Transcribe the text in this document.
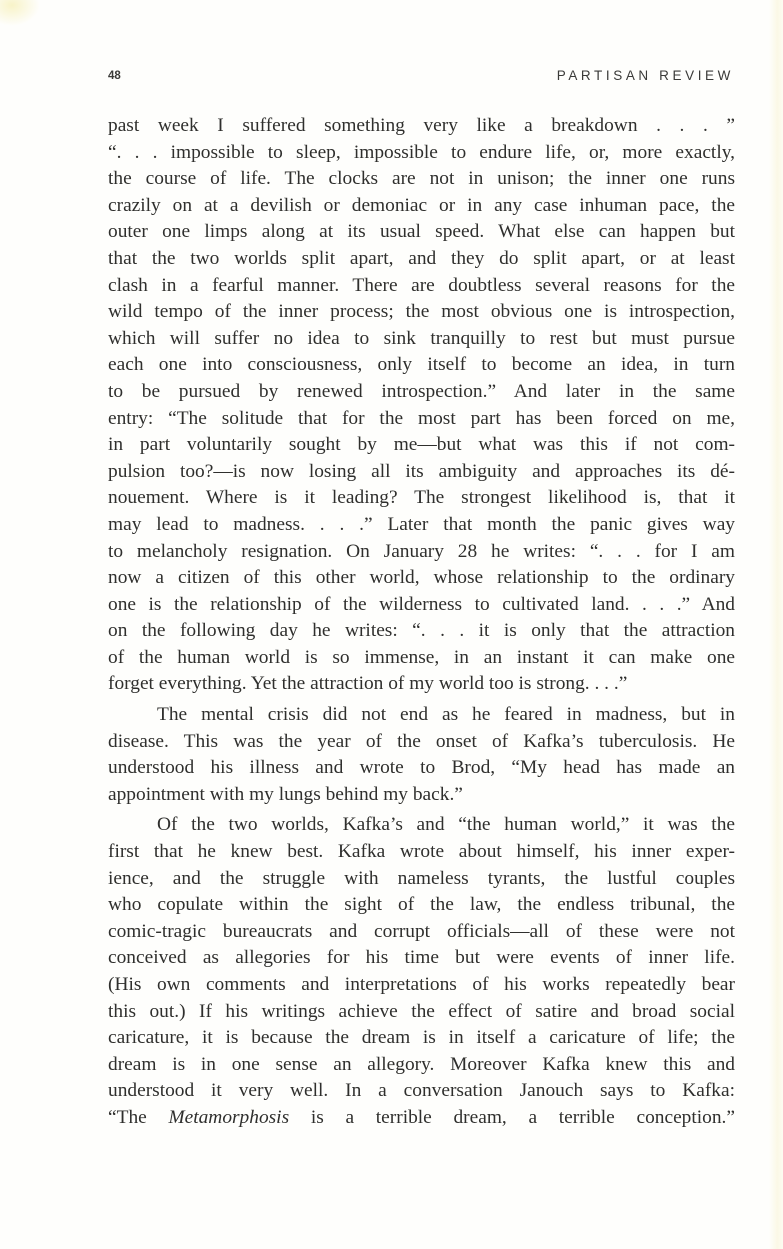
48	PARTISAN REVIEW
past week I suffered something very like a breakdown . . . ”
“. . . impossible to sleep, impossible to endure life, or, more exactly,
the course of life. The clocks are not in unison; the inner one runs
crazily on at a devilish or demoniac or in any case inhuman pace, the
outer one limps along at its usual speed. What else can happen but
that the two worlds split apart, and they do split apart, or at least
clash in a fearful manner. There are doubtless several reasons for the
wild tempo of the inner process; the most obvious one is introspection,
which will suffer no idea to sink tranquilly to rest but must pursue
each one into consciousness, only itself to become an idea, in turn
to be pursued by renewed introspection.” And later in the same
entry: “The solitude that for the most part has been forced on me,
in part voluntarily sought by me—but what was this if not com-
pulsion too?—is now losing all its ambiguity and approaches its dé-
nouement. Where is it leading? The strongest likelihood is, that it
may lead to madness. . . .” Later that month the panic gives way
to melancholy resignation. On January 28 he writes: “. . . for I am
now a citizen of this other world, whose relationship to the ordinary
one is the relationship of the wilderness to cultivated land. . . .” And
on the following day he writes: “. . . it is only that the attraction
of the human world is so immense, in an instant it can make one
forget everything. Yet the attraction of my world too is strong. . . .”
The mental crisis did not end as he feared in madness, but in
disease. This was the year of the onset of Kafka’s tuberculosis. He
understood his illness and wrote to Brod, “My head has made an
appointment with my lungs behind my back.”
Of the two worlds, Kafka’s and “the human world,” it was the
first that he knew best. Kafka wrote about himself, his inner exper-
ience, and the struggle with nameless tyrants, the lustful couples
who copulate within the sight of the law, the endless tribunal, the
comic-tragic bureaucrats and corrupt officials—all of these were not
conceived as allegories for his time but were events of inner life.
(His own comments and interpretations of his works repeatedly bear
this out.) If his writings achieve the effect of satire and broad social
caricature, it is because the dream is in itself a caricature of life; the
dream is in one sense an allegory. Moreover Kafka knew this and
understood it very well. In a conversation Janouch says to Kafka:
“The Metamorphosis is a terrible dream, a terrible conception.”
